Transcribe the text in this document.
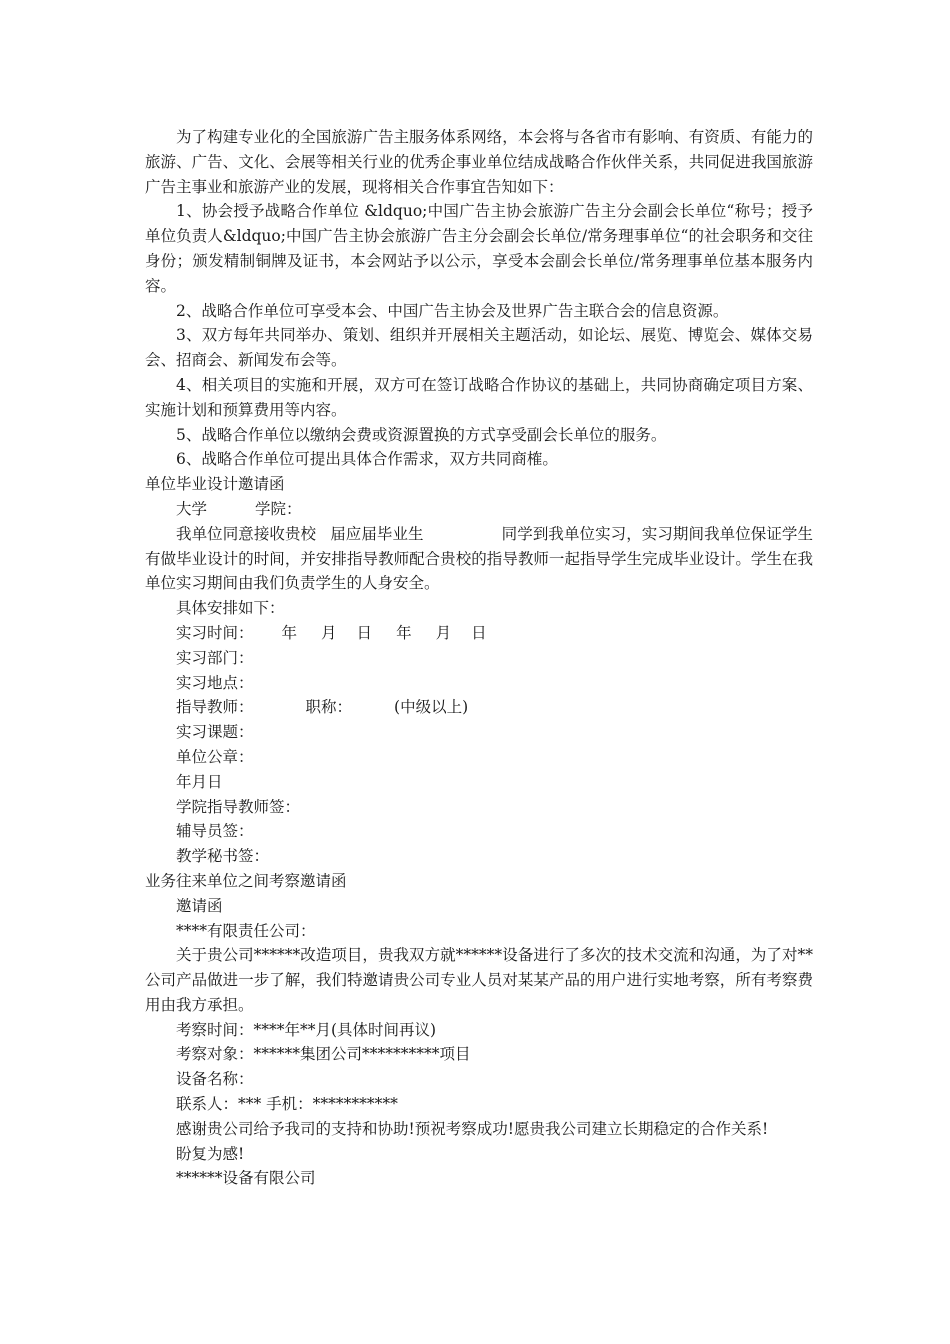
为了构建专业化的全国旅游广告主服务体系网络，本会将与各省市有影响、有资质、有能力的旅游、广告、文化、会展等相关行业的优秀企事业单位结成战略合作伙伴关系，共同促进我国旅游广告主事业和旅游产业的发展，现将相关合作事宜告知如下：

1、协会授予战略合作单位 &ldquo;中国广告主协会旅游广告主分会副会长单位“称号；授予单位负责人&ldquo;中国广告主协会旅游广告主分会副会长单位/常务理事单位“的社会职务和交往身份；颁发精制铜牌及证书，本会网站予以公示，享受本会副会长单位/常务理事单位基本服务内容。

2、战略合作单位可享受本会、中国广告主协会及世界广告主联合会的信息资源。

3、双方每年共同举办、策划、组织并开展相关主题活动，如论坛、展览、博览会、媒体交易会、招商会、新闻发布会等。

4、相关项目的实施和开展，双方可在签订战略合作协议的基础上，共同协商确定项目方案、实施计划和预算费用等内容。

5、战略合作单位以缴纳会费或资源置换的方式享受副会长单位的服务。

6、战略合作单位可提出具体合作需求，双方共同商榷。

单位毕业设计邀请函

大学	学院：

我单位同意接收贵校 届应届毕业生	同学到我单位实习，实习期间我单位保证学生有做毕业设计的时间，并安排指导教师配合贵校的指导教师一起指导学生完成毕业设计。学生在我单位实习期间由我们负责学生的人身安全。

具体安排如下：

实习时间： 年 月 日 年 月 日

实习部门：

实习地点：

指导教师：	职称：	(中级以上)

实习课题：

单位公章：

年月日

学院指导教师签：

辅导员签：

教学秘书签：

业务往来单位之间考察邀请函

邀请函

****有限责任公司：

关于贵公司******改造项目，贵我双方就******设备进行了多次的技术交流和沟通，为了对**公司产品做进一步了解，我们特邀请贵公司专业人员对某某产品的用户进行实地考察，所有考察费用由我方承担。

考察时间：****年**月(具体时间再议)

考察对象：******集团公司**********项目

设备名称：

联系人：*** 手机：***********

感谢贵公司给予我司的支持和协助!预祝考察成功!愿贵我公司建立长期稳定的合作关系!

盼复为感!

******设备有限公司
